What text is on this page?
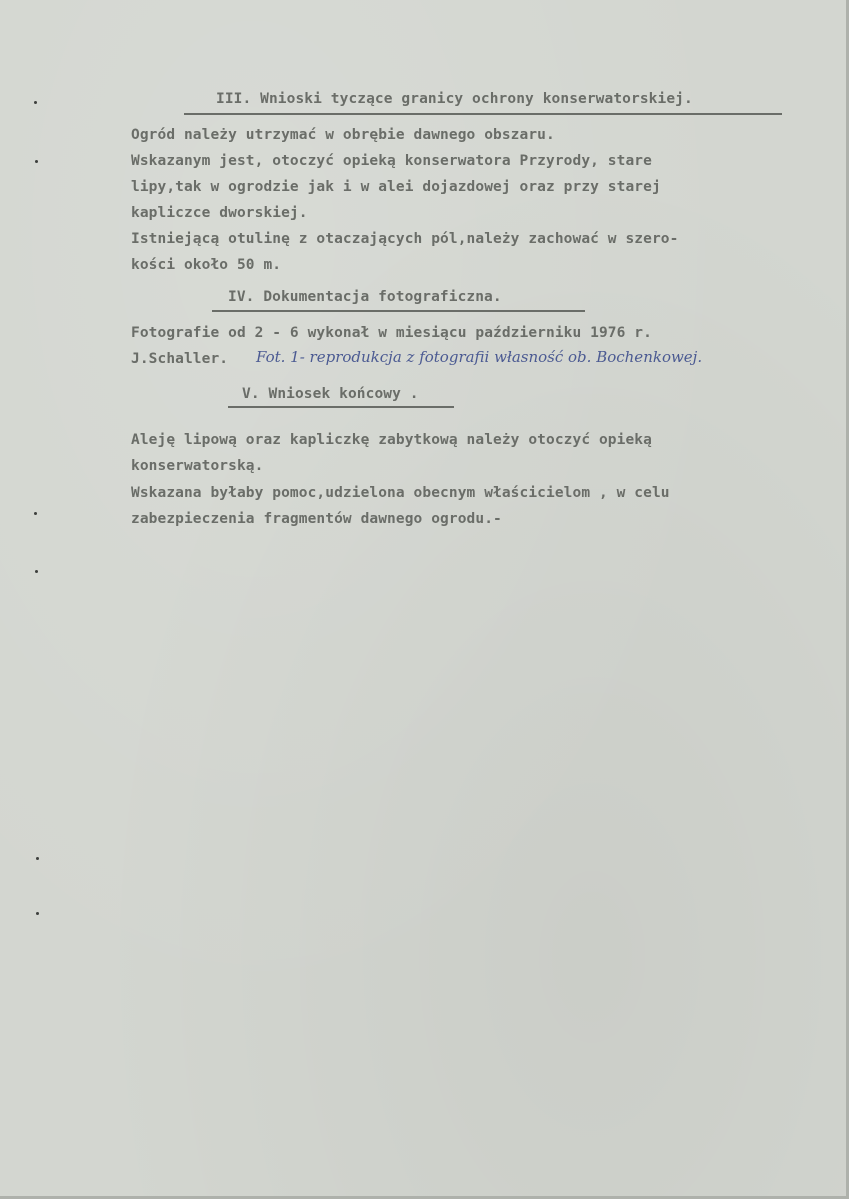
III. Wnioski tyczące granicy ochrony konserwatorskiej.
Ogród należy utrzymać w obrębie dawnego obszaru.
Wskazanym jest, otoczyć opieką konserwatora Przyrody, stare
lipy,tak w ogrodzie jak i w alei dojazdowej oraz przy starej
kapliczce dworskiej.
Istniejącą otulinę z otaczających pól,należy zachować w szero-
kości około 50 m.
IV. Dokumentacja fotograficzna.
Fotografie od 2 - 6 wykonał w miesiącu październiku 1976 r.
J.Schaller. Fot. 1- reprodukcja z fotografii własność ob. Bochenkowej.
V. Wniosek końcowy .
Aleję lipową oraz kapliczkę zabytkową należy otoczyć opieką
konserwatorską.
Wskazana byłaby pomoc,udzielona obecnym właścicielom , w celu
zabezpieczenia fragmentów dawnego ogrodu.-
